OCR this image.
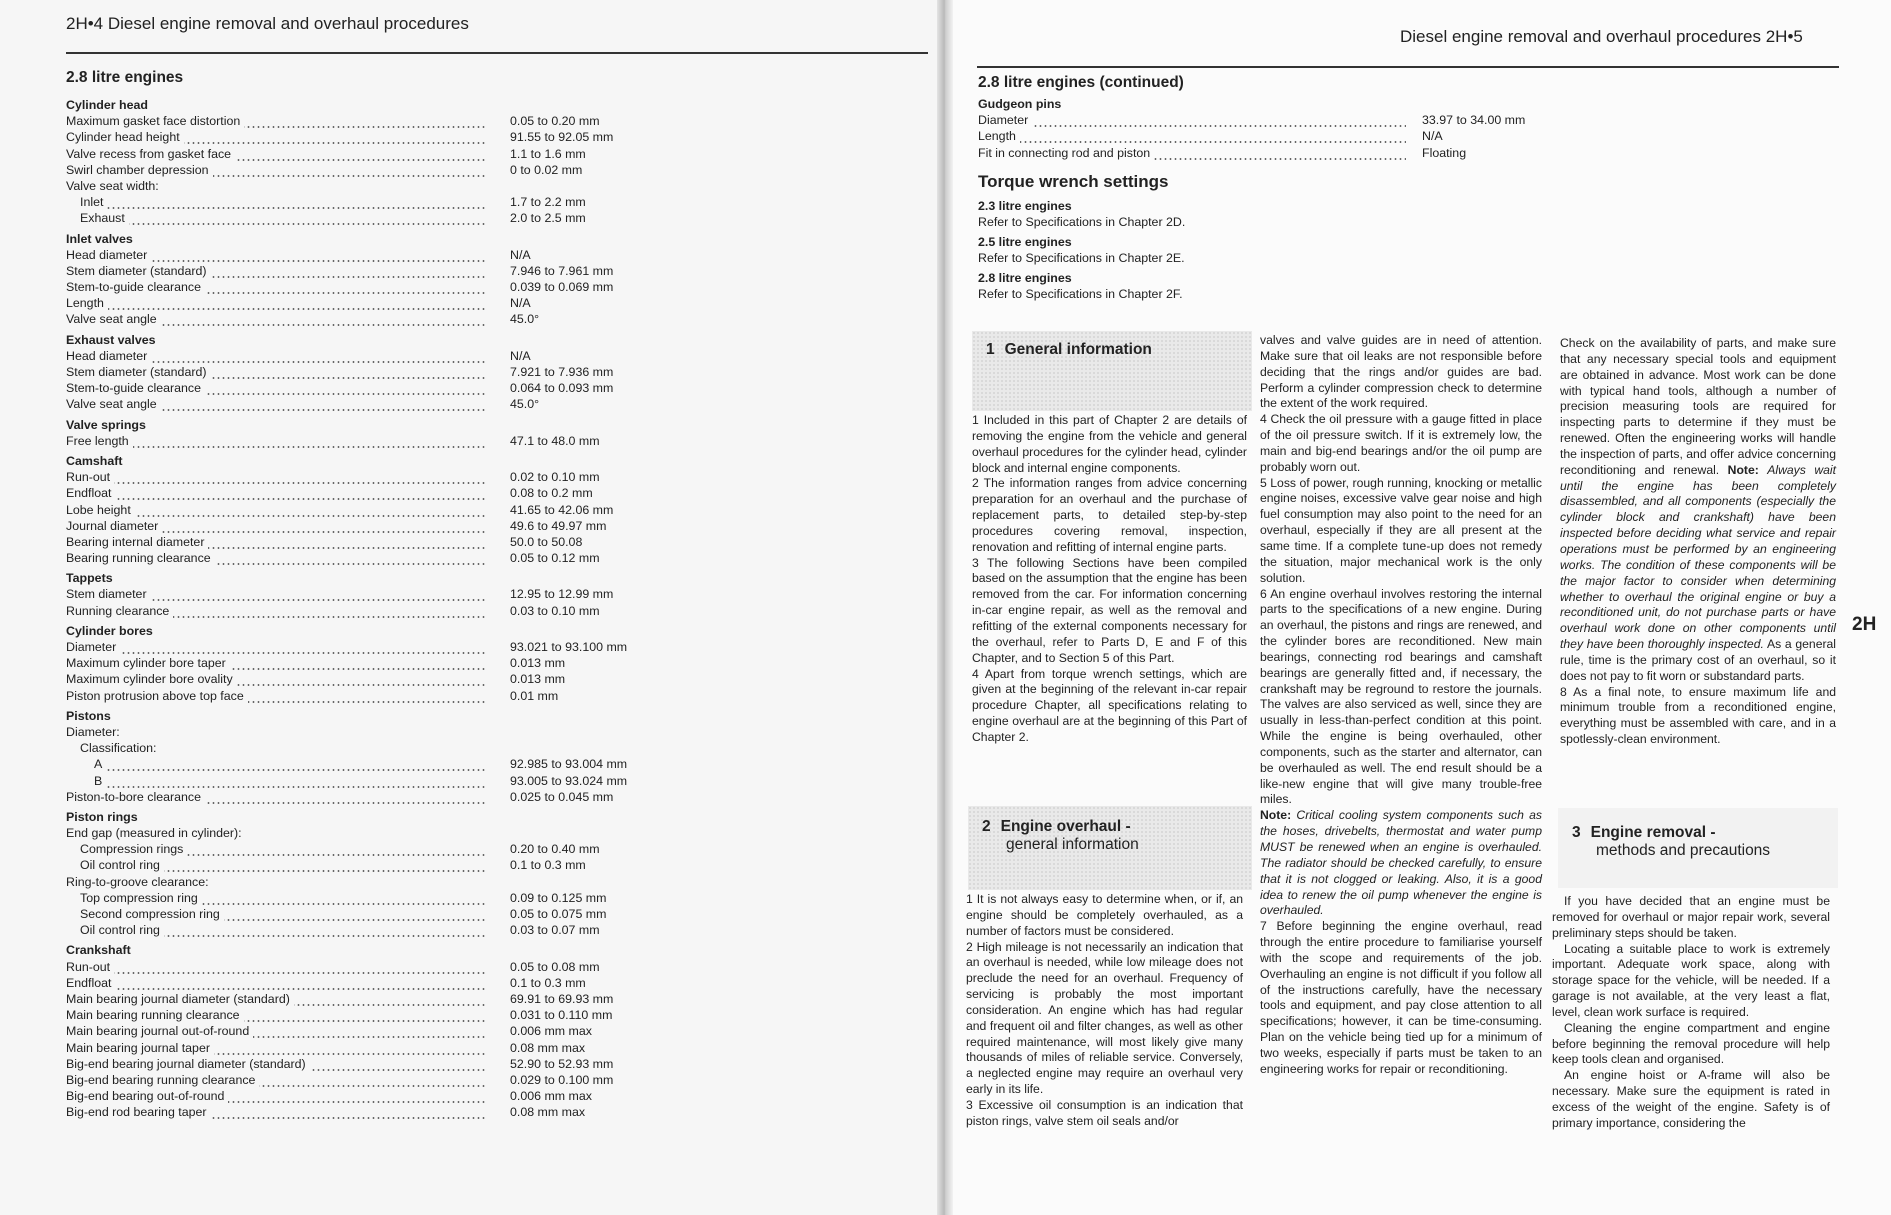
2H•4 Diesel engine removal and overhaul procedures
2.8 litre engines
Cylinder head
Maximum gasket face distortion	0.05 to 0.20 mm
Cylinder head height	91.55 to 92.05 mm
Valve recess from gasket face	1.1 to 1.6 mm
Swirl chamber depression	0 to 0.02 mm
Valve seat width:
Inlet	1.7 to 2.2 mm
Exhaust	2.0 to 2.5 mm
Inlet valves
Head diameter	N/A
Stem diameter (standard)	7.946 to 7.961 mm
Stem-to-guide clearance	0.039 to 0.069 mm
Length	N/A
Valve seat angle	45.0°
Exhaust valves
Head diameter	N/A
Stem diameter (standard)	7.921 to 7.936 mm
Stem-to-guide clearance	0.064 to 0.093 mm
Valve seat angle	45.0°
Valve springs
Free length	47.1 to 48.0 mm
Camshaft
Run-out	0.02 to 0.10 mm
Endfloat	0.08 to 0.2 mm
Lobe height	41.65 to 42.06 mm
Journal diameter	49.6 to 49.97 mm
Bearing internal diameter	50.0 to 50.08
Bearing running clearance	0.05 to 0.12 mm
Tappets
Stem diameter	12.95 to 12.99 mm
Running clearance	0.03 to 0.10 mm
Cylinder bores
Diameter	93.021 to 93.100 mm
Maximum cylinder bore taper	0.013 mm
Maximum cylinder bore ovality	0.013 mm
Piston protrusion above top face	0.01 mm
Pistons
Diameter:
Classification:
A	92.985 to 93.004 mm
B	93.005 to 93.024 mm
Piston-to-bore clearance	0.025 to 0.045 mm
Piston rings
End gap (measured in cylinder):
Compression rings	0.20 to 0.40 mm
Oil control ring	0.1 to 0.3 mm
Ring-to-groove clearance:
Top compression ring	0.09 to 0.125 mm
Second compression ring	0.05 to 0.075 mm
Oil control ring	0.03 to 0.07 mm
Crankshaft
Run-out	0.05 to 0.08 mm
Endfloat	0.1 to 0.3 mm
Main bearing journal diameter (standard)	69.91 to 69.93 mm
Main bearing running clearance	0.031 to 0.110 mm
Main bearing journal out-of-round	0.006 mm max
Main bearing journal taper	0.08 mm max
Big-end bearing journal diameter (standard)	52.90 to 52.93 mm
Big-end bearing running clearance	0.029 to 0.100 mm
Big-end bearing out-of-round	0.006 mm max
Big-end rod bearing taper	0.08 mm max
Diesel engine removal and overhaul procedures 2H•5
2.8 litre engines (continued)
Gudgeon pins
Diameter	33.97 to 34.00 mm
Length	N/A
Fit in connecting rod and piston	Floating
Torque wrench settings
2.3 litre engines
Refer to Specifications in Chapter 2D.
2.5 litre engines
Refer to Specifications in Chapter 2E.
2.8 litre engines
Refer to Specifications in Chapter 2F.
1 General information

1 Included in this part of Chapter 2 are details of removing the engine from the vehicle and general overhaul procedures for the cylinder head, cylinder block and internal engine components.

2 The information ranges from advice concerning preparation for an overhaul and the purchase of replacement parts, to detailed step-by-step procedures covering removal, inspection, renovation and refitting of internal engine parts.

3 The following Sections have been compiled based on the assumption that the engine has been removed from the car. For information concerning in-car engine repair, as well as the removal and refitting of the external components necessary for the overhaul, refer to Parts D, E and F of this Chapter, and to Section 5 of this Part.

4 Apart from torque wrench settings, which are given at the beginning of the relevant in-car repair procedure Chapter, all specifications relating to engine overhaul are at the beginning of this Part of Chapter 2.

2 Engine overhaul -
general information

1 It is not always easy to determine when, or if, an engine should be completely overhauled, as a number of factors must be considered.

2 High mileage is not necessarily an indication that an overhaul is needed, while low mileage does not preclude the need for an overhaul. Frequency of servicing is probably the most important consideration. An engine which has had regular and frequent oil and filter changes, as well as other required maintenance, will most likely give many thousands of miles of reliable service. Conversely, a neglected engine may require an overhaul very early in its life.

3 Excessive oil consumption is an indication that piston rings, valve stem oil seals and/or

valves and valve guides are in need of attention. Make sure that oil leaks are not responsible before deciding that the rings and/or guides are bad. Perform a cylinder compression check to determine the extent of the work required.

4 Check the oil pressure with a gauge fitted in place of the oil pressure switch. If it is extremely low, the main and big-end bearings and/or the oil pump are probably worn out.

5 Loss of power, rough running, knocking or metallic engine noises, excessive valve gear noise and high fuel consumption may also point to the need for an overhaul, especially if they are all present at the same time. If a complete tune-up does not remedy the situation, major mechanical work is the only solution.

6 An engine overhaul involves restoring the internal parts to the specifications of a new engine. During an overhaul, the pistons and rings are renewed, and the cylinder bores are reconditioned. New main bearings, connecting rod bearings and camshaft bearings are generally fitted and, if necessary, the crankshaft may be reground to restore the journals. The valves are also serviced as well, since they are usually in less-than-perfect condition at this point. While the engine is being overhauled, other components, such as the starter and alternator, can be overhauled as well. The end result should be a like-new engine that will give many trouble-free miles.

Note: Critical cooling system components such as the hoses, drivebelts, thermostat and water pump MUST be renewed when an engine is overhauled. The radiator should be checked carefully, to ensure that it is not clogged or leaking. Also, it is a good idea to renew the oil pump whenever the engine is overhauled.

7 Before beginning the engine overhaul, read through the entire procedure to familiarise yourself with the scope and requirements of the job. Overhauling an engine is not difficult if you follow all of the instructions carefully, have the necessary tools and equipment, and pay close attention to all specifications; however, it can be time-consuming. Plan on the vehicle being tied up for a minimum of two weeks, especially if parts must be taken to an engineering works for repair or reconditioning.

Check on the availability of parts, and make sure that any necessary special tools and equipment are obtained in advance. Most work can be done with typical hand tools, although a number of precision measuring tools are required for inspecting parts to determine if they must be renewed. Often the engineering works will handle the inspection of parts, and offer advice concerning reconditioning and renewal. Note: Always wait until the engine has been completely disassembled, and all components (especially the cylinder block and crankshaft) have been inspected before deciding what service and repair operations must be performed by an engineering works. The condition of these components will be the major factor to consider when determining whether to overhaul the original engine or buy a reconditioned unit, do not purchase parts or have overhaul work done on other components until they have been thoroughly inspected. As a general rule, time is the primary cost of an overhaul, so it does not pay to fit worn or substandard parts.

8 As a final note, to ensure maximum life and minimum trouble from a reconditioned engine, everything must be assembled with care, and in a spotlessly-clean environment.

3 Engine removal -
methods and precautions

If you have decided that an engine must be removed for overhaul or major repair work, several preliminary steps should be taken.

Locating a suitable place to work is extremely important. Adequate work space, along with storage space for the vehicle, will be needed. If a garage is not available, at the very least a flat, level, clean work surface is required.

Cleaning the engine compartment and engine before beginning the removal procedure will help keep tools clean and organised.

An engine hoist or A-frame will also be necessary. Make sure the equipment is rated in excess of the weight of the engine. Safety is of primary importance, considering the

2H
